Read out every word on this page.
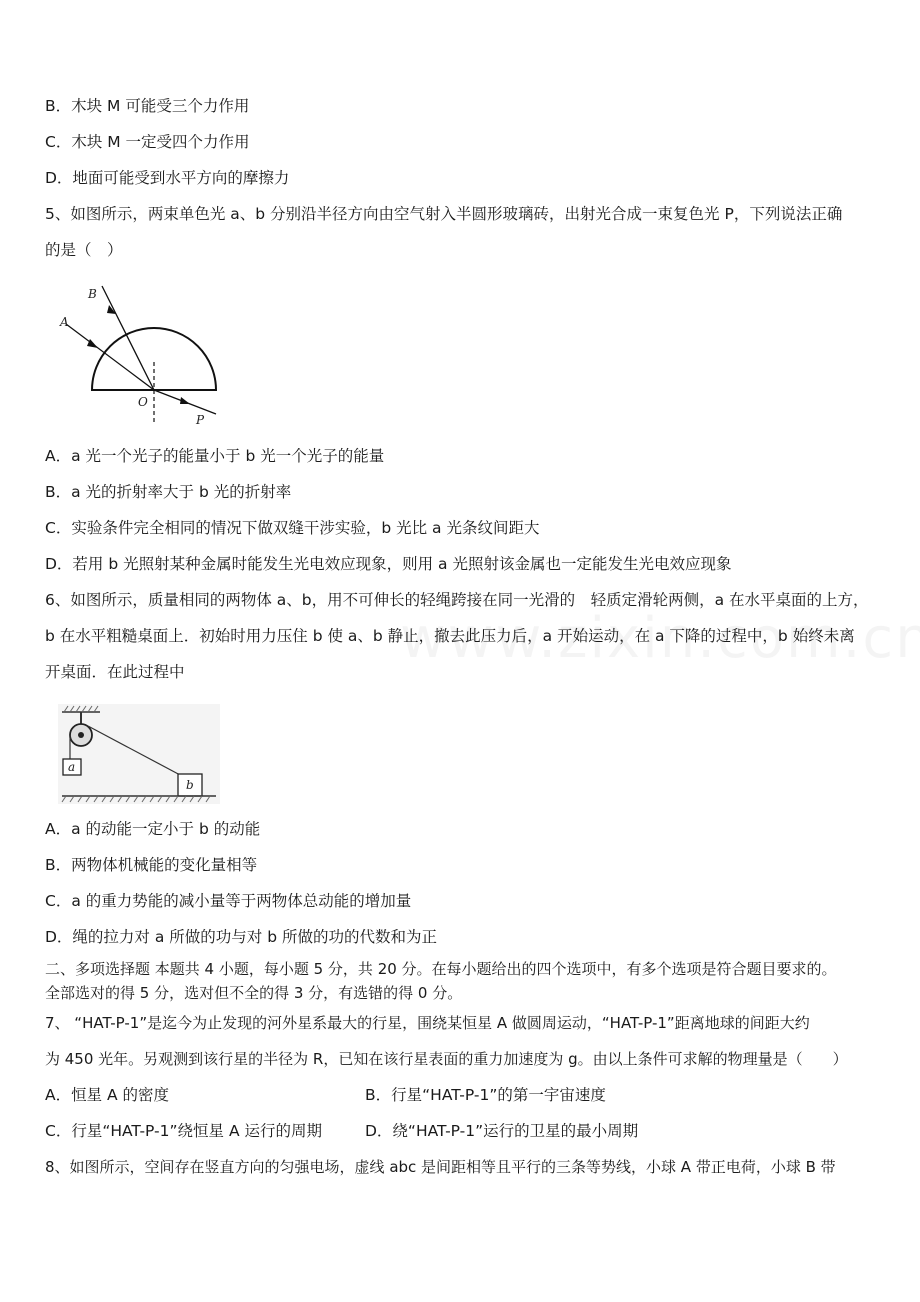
B．木块 M 可能受三个力作用
C．木块 M 一定受四个力作用
D．地面可能受到水平方向的摩擦力
5、如图所示，两束单色光 a、b 分别沿半径方向由空气射入半圆形玻璃砖，出射光合成一束复色光 P，下列说法正确
的是（　）
A
B
O
P
A．a 光一个光子的能量小于 b 光一个光子的能量
B．a 光的折射率大于 b 光的折射率
C．实验条件完全相同的情况下做双缝干涉实验，b 光比 a 光条纹间距大
D．若用 b 光照射某种金属时能发生光电效应现象，则用 a 光照射该金属也一定能发生光电效应现象
6、如图所示，质量相同的两物体 a、b，用不可伸长的轻绳跨接在同一光滑的　轻质定滑轮两侧，a 在水平桌面的上方，
b 在水平粗糙桌面上．初始时用力压住 b 使 a、b 静止，撤去此压力后，a 开始运动，在 a 下降的过程中，b 始终未离
开桌面．在此过程中
a
b
A．a 的动能一定小于 b 的动能
B．两物体机械能的变化量相等
C．a 的重力势能的减小量等于两物体总动能的增加量
D．绳的拉力对 a 所做的功与对 b 所做的功的代数和为正
二、多项选择题 本题共 4 小题，每小题 5 分，共 20 分。在每小题给出的四个选项中，有多个选项是符合题目要求的。
全部选对的得 5 分，选对但不全的得 3 分，有选错的得 0 分。
7、 “HAT-P-1”是迄今为止发现的河外星系最大的行星，围绕某恒星 A 做圆周运动，“HAT-P-1”距离地球的间距大约
为 450 光年。另观测到该行星的半径为 R，已知在该行星表面的重力加速度为 g。由以上条件可求解的物理量是（　　）
A．恒星 A 的密度	B．行星“HAT-P-1”的第一宇宙速度
C．行星“HAT-P-1”绕恒星 A 运行的周期	D．绕“HAT-P-1”运行的卫星的最小周期
8、如图所示，空间存在竖直方向的匀强电场，虚线 abc 是间距相等且平行的三条等势线，小球 A 带正电荷，小球 B 带
